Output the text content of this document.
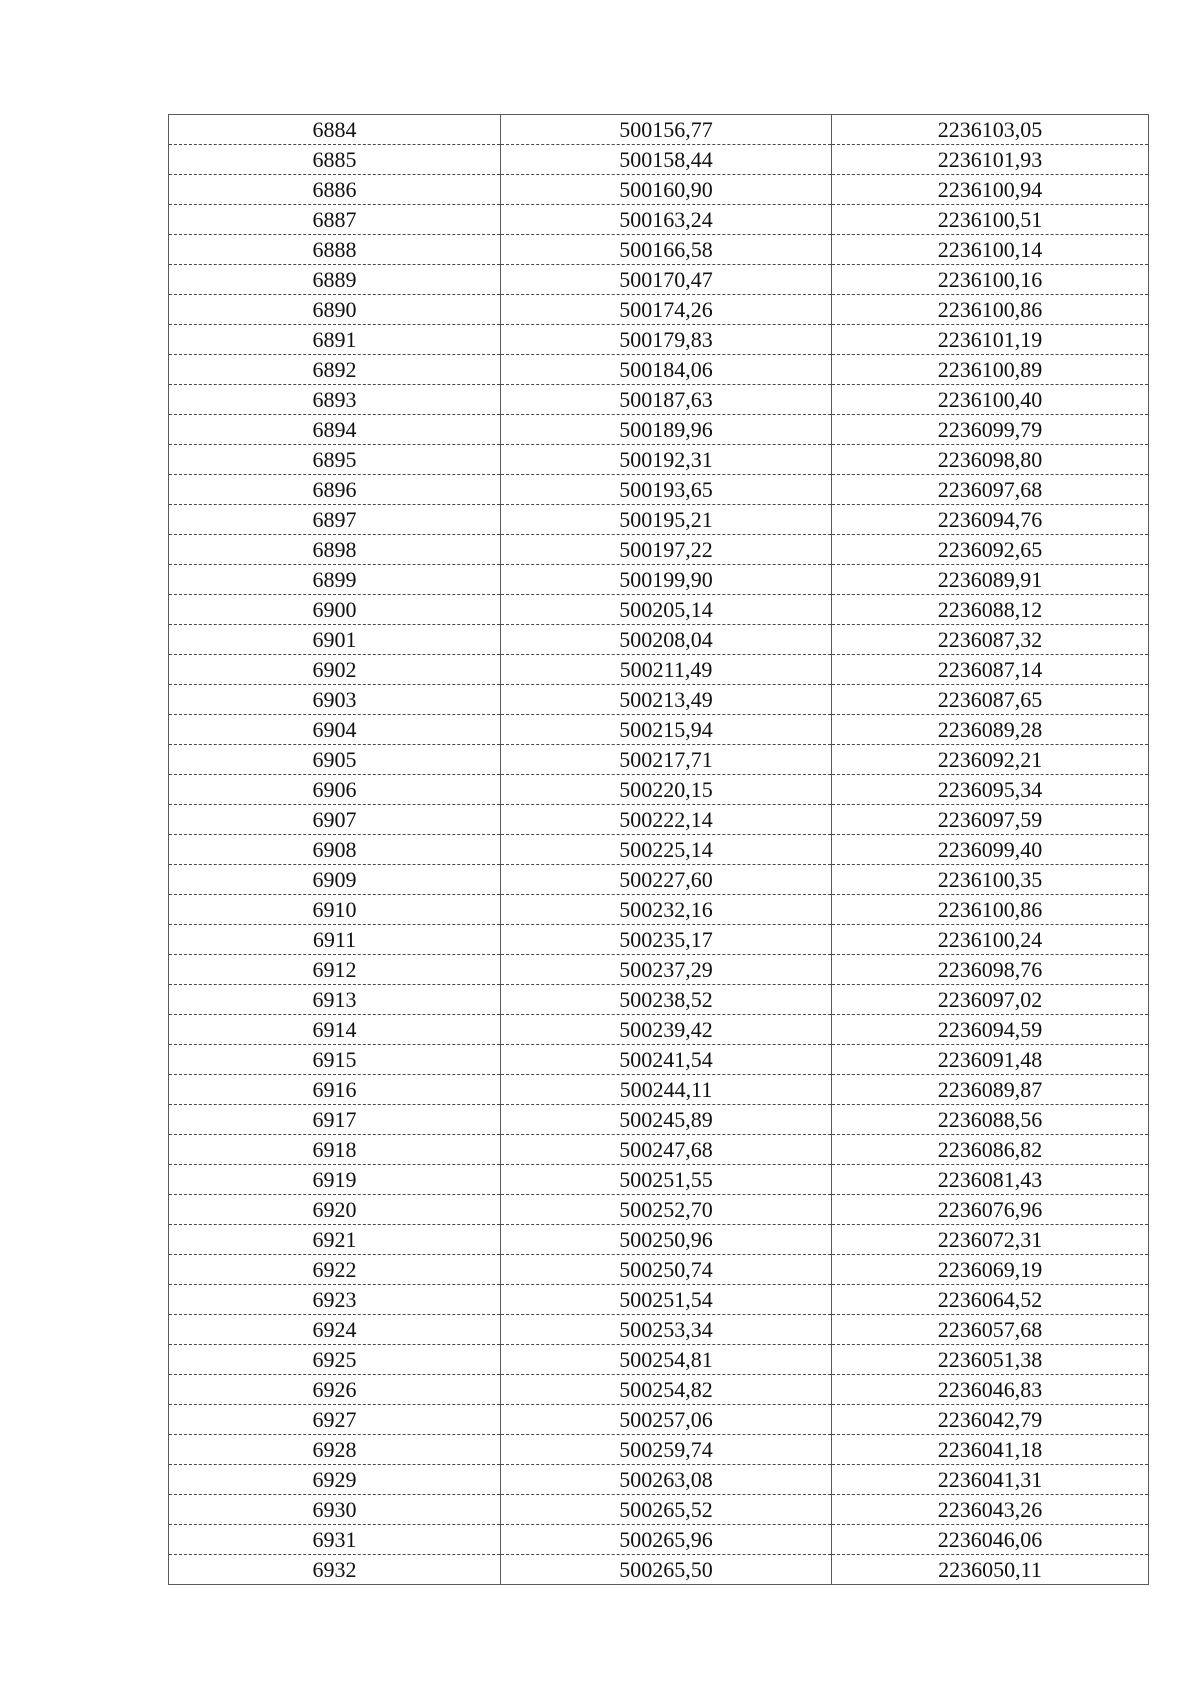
6884	500156,77	2236103,05
6885	500158,44	2236101,93
6886	500160,90	2236100,94
6887	500163,24	2236100,51
6888	500166,58	2236100,14
6889	500170,47	2236100,16
6890	500174,26	2236100,86
6891	500179,83	2236101,19
6892	500184,06	2236100,89
6893	500187,63	2236100,40
6894	500189,96	2236099,79
6895	500192,31	2236098,80
6896	500193,65	2236097,68
6897	500195,21	2236094,76
6898	500197,22	2236092,65
6899	500199,90	2236089,91
6900	500205,14	2236088,12
6901	500208,04	2236087,32
6902	500211,49	2236087,14
6903	500213,49	2236087,65
6904	500215,94	2236089,28
6905	500217,71	2236092,21
6906	500220,15	2236095,34
6907	500222,14	2236097,59
6908	500225,14	2236099,40
6909	500227,60	2236100,35
6910	500232,16	2236100,86
6911	500235,17	2236100,24
6912	500237,29	2236098,76
6913	500238,52	2236097,02
6914	500239,42	2236094,59
6915	500241,54	2236091,48
6916	500244,11	2236089,87
6917	500245,89	2236088,56
6918	500247,68	2236086,82
6919	500251,55	2236081,43
6920	500252,70	2236076,96
6921	500250,96	2236072,31
6922	500250,74	2236069,19
6923	500251,54	2236064,52
6924	500253,34	2236057,68
6925	500254,81	2236051,38
6926	500254,82	2236046,83
6927	500257,06	2236042,79
6928	500259,74	2236041,18
6929	500263,08	2236041,31
6930	500265,52	2236043,26
6931	500265,96	2236046,06
6932	500265,50	2236050,11
